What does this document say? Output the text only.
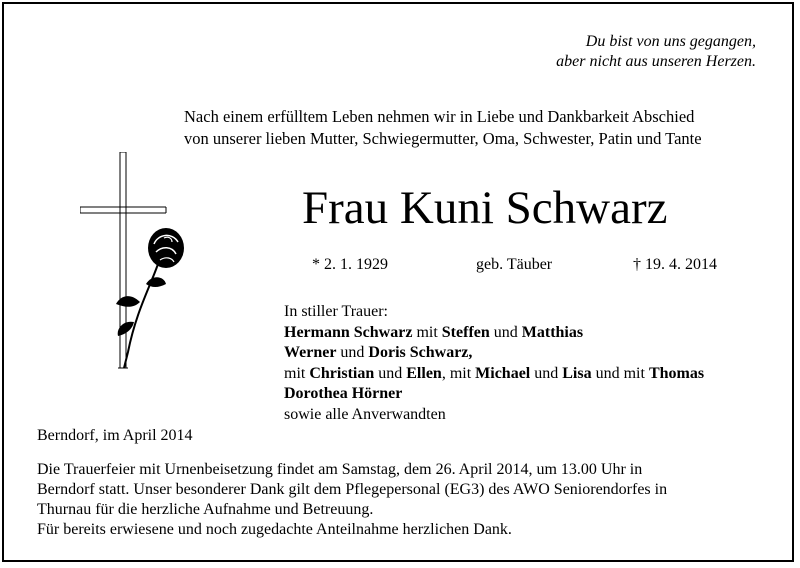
Du bist von uns gegangen,
aber nicht aus unseren Herzen.
Nach einem erfülltem Leben nehmen wir in Liebe und Dankbarkeit Abschied
von unserer lieben Mutter, Schwiegermutter, Oma, Schwester, Patin und Tante
Frau Kuni Schwarz
* 2. 1. 1929	geb. Täuber	† 19. 4. 2014
In stiller Trauer:
Hermann Schwarz mit Steffen und Matthias
Werner und Doris Schwarz,
mit Christian und Ellen, mit Michael und Lisa und mit Thomas
Dorothea Hörner
sowie alle Anverwandten
Berndorf, im April 2014
Die Trauerfeier mit Urnenbeisetzung findet am Samstag, dem 26. April 2014, um 13.00 Uhr in
Berndorf statt. Unser besonderer Dank gilt dem Pflegepersonal (EG3) des AWO Seniorendorfes in
Thurnau für die herzliche Aufnahme und Betreuung.
Für bereits erwiesene und noch zugedachte Anteilnahme herzlichen Dank.
